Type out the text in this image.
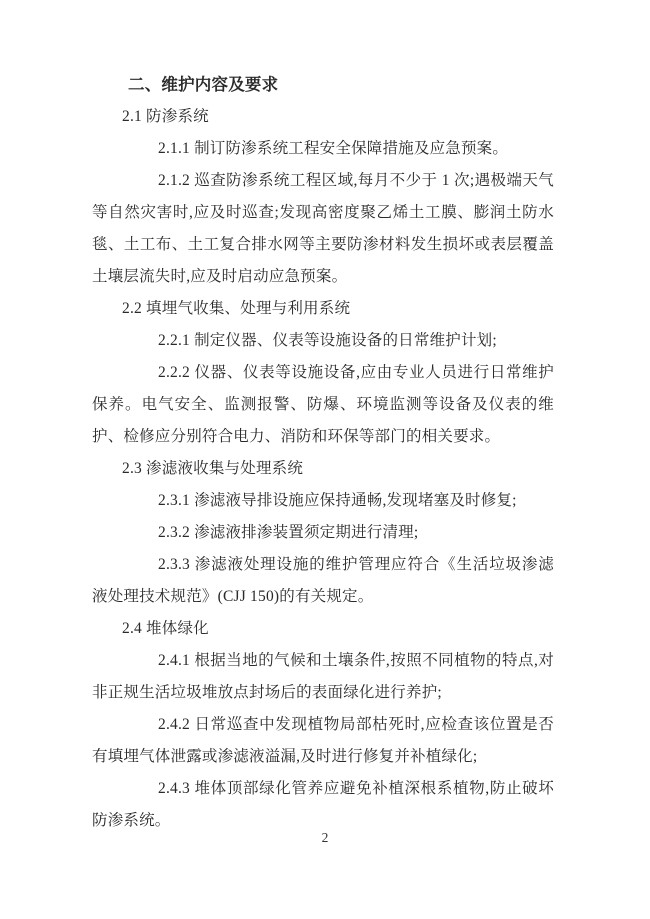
二、维护内容及要求

2.1 防渗系统

2.1.1 制订防渗系统工程安全保障措施及应急预案。

2.1.2 巡查防渗系统工程区域,每月不少于 1 次;遇极端天气等自然灾害时,应及时巡查;发现高密度聚乙烯土工膜、膨润土防水毯、土工布、土工复合排水网等主要防渗材料发生损坏或表层覆盖土壤层流失时,应及时启动应急预案。

2.2 填埋气收集、处理与利用系统

2.2.1 制定仪器、仪表等设施设备的日常维护计划;

2.2.2 仪器、仪表等设施设备,应由专业人员进行日常维护保养。电气安全、监测报警、防爆、环境监测等设备及仪表的维护、检修应分别符合电力、消防和环保等部门的相关要求。

2.3 渗滤液收集与处理系统

2.3.1 渗滤液导排设施应保持通畅,发现堵塞及时修复;

2.3.2 渗滤液排渗装置须定期进行清理;

2.3.3 渗滤液处理设施的维护管理应符合《生活垃圾渗滤液处理技术规范》(CJJ 150)的有关规定。

2.4 堆体绿化

2.4.1 根据当地的气候和土壤条件,按照不同植物的特点,对非正规生活垃圾堆放点封场后的表面绿化进行养护;

2.4.2 日常巡查中发现植物局部枯死时,应检查该位置是否有填埋气体泄露或渗滤液溢漏,及时进行修复并补植绿化;

2.4.3 堆体顶部绿化管养应避免补植深根系植物,防止破坏防渗系统。

2
